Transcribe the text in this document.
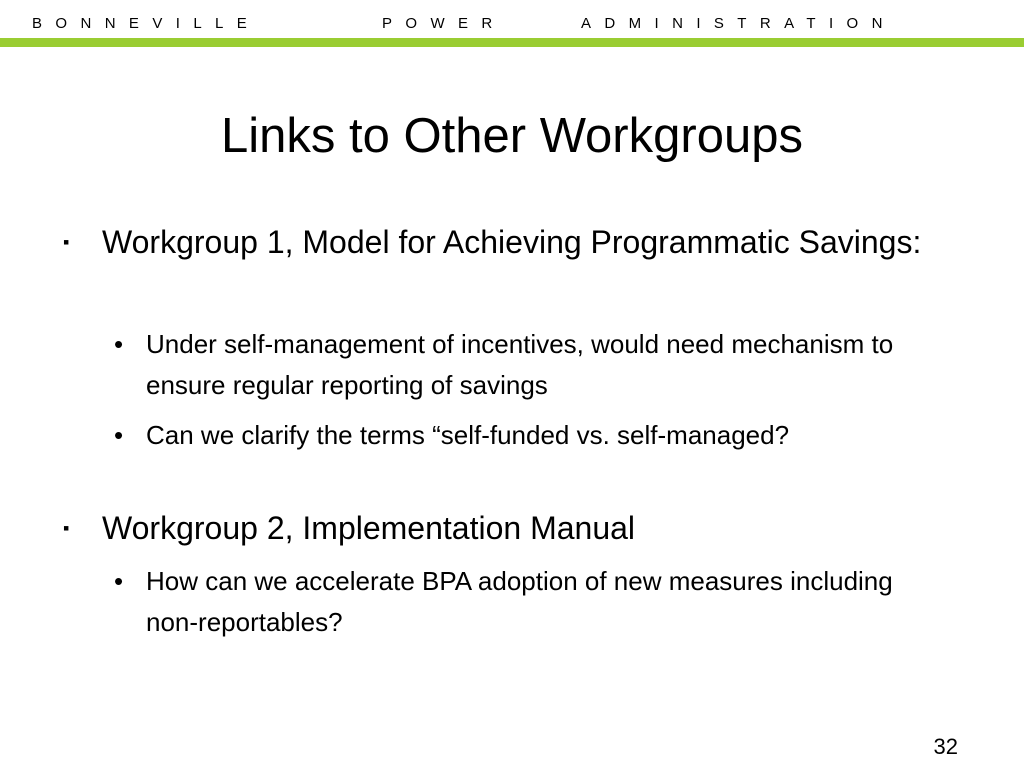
BONNEVILLE	POWER	ADMINISTRATION
Links to Other Workgroups
▪ Workgroup 1, Model for Achieving Programmatic Savings:
• Under self-management of incentives, would need mechanism to ensure regular reporting of savings
• Can we clarify the terms “self-funded vs. self-managed?
▪ Workgroup 2, Implementation Manual
• How can we accelerate BPA adoption of new measures including non-reportables?
32
